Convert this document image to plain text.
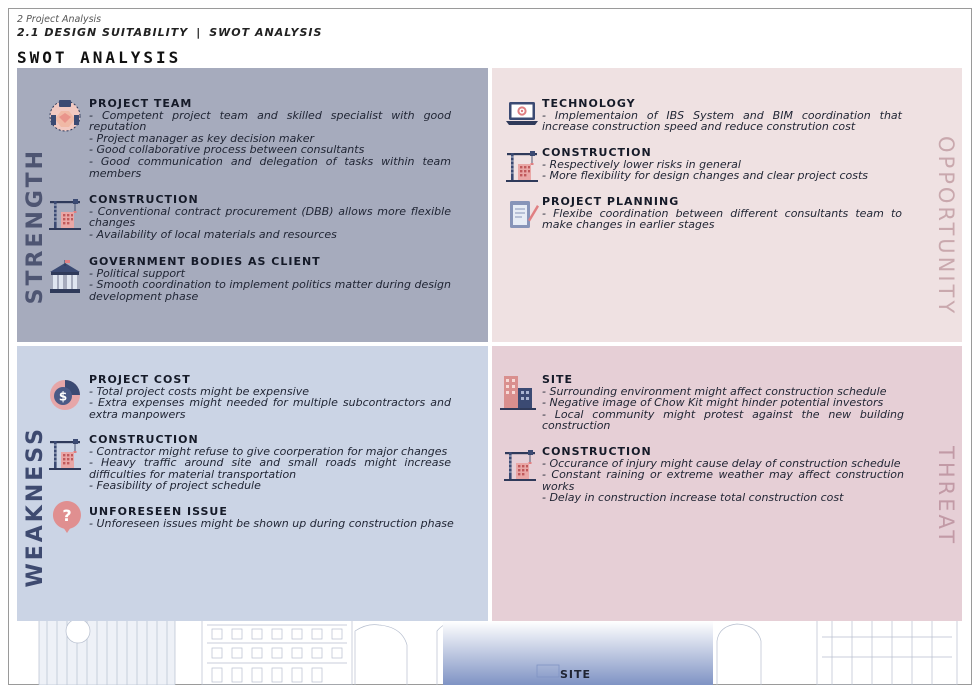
2 Project Analysis
2.1 DESIGN SUITABILITY | SWOT ANALYSIS
SWOT ANALYSIS
STRENGTH
PROJECT TEAM
- Competent project team and skilled specialist with good reputation
- Project manager as key decision maker
- Good collaborative process between consultants
- Good communication and delegation of tasks within team members
CONSTRUCTION
- Conventional contract procurement (DBB) allows more flexible changes
- Availability of local materials and resources
GOVERNMENT BODIES AS CLIENT
- Political support
- Smooth coordination to implement politics matter during design development phase	OPPORTUNITY
TECHNOLOGY
- Implementaion of IBS System and BIM coordination that increase construction speed and reduce constrution cost
CONSTRUCTION
- Respectively lower risks in general
- More flexibility for design changes and clear project costs
PROJECT PLANNING
- Flexibe coordination between different consultants team to make changes in earlier stages
WEAKNESS
$
PROJECT COST
- Total project costs might be expensive
- Extra expenses might needed for multiple subcontractors and extra manpowers
CONSTRUCTION
- Contractor might refuse to give coorperation for major changes
- Heavy traffic around site and small roads might increase difficulties for material transportation
- Feasibility of project schedule
? UNFORESEEN ISSUE
- Unforeseen issues might be shown up during construction phase	THREAT
SITE
- Surrounding environment might affect construction schedule
- Negative image of Chow Kit might hinder potential investors
- Local community might protest against the new building construction
CONSTRUCTION
- Occurance of injury might cause delay of construction schedule
- Constant raining or extreme weather may affect construction works
- Delay in construction increase total construction cost
SITE
